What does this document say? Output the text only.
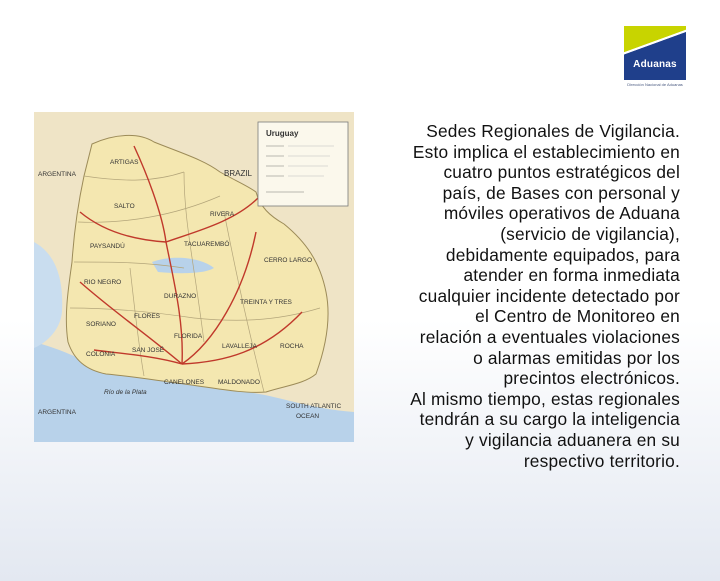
Aduanas
Dirección Nacional de Aduanas
Uruguay
ARGENTINA
ARGENTINA
BRAZIL
ARTIGAS
SALTO
RIVERA
PAYSANDÚ	TACUAREMBÓ
RIO NEGRO
DURAZNO
SORIANO
FLORES
FLORIDA
COLONIA
SAN JOSÉ
CANELONES MALDONADO
ROCHA
LAVALLEJA
TREINTA Y TRES
CERRO LARGO
SOUTH ATLANTIC
OCEAN
Río de la Plata
Sedes Regionales de Vigilancia.
Esto implica el establecimiento en
cuatro puntos estratégicos del
país, de Bases con personal y
móviles operativos de Aduana
(servicio de vigilancia),
debidamente equipados, para
atender en forma inmediata
cualquier incidente detectado por
el Centro de Monitoreo en
relación a eventuales violaciones
o alarmas emitidas por los
precintos electrónicos.
Al mismo tiempo, estas regionales
tendrán a su cargo la inteligencia
y vigilancia aduanera en su
respectivo territorio.
